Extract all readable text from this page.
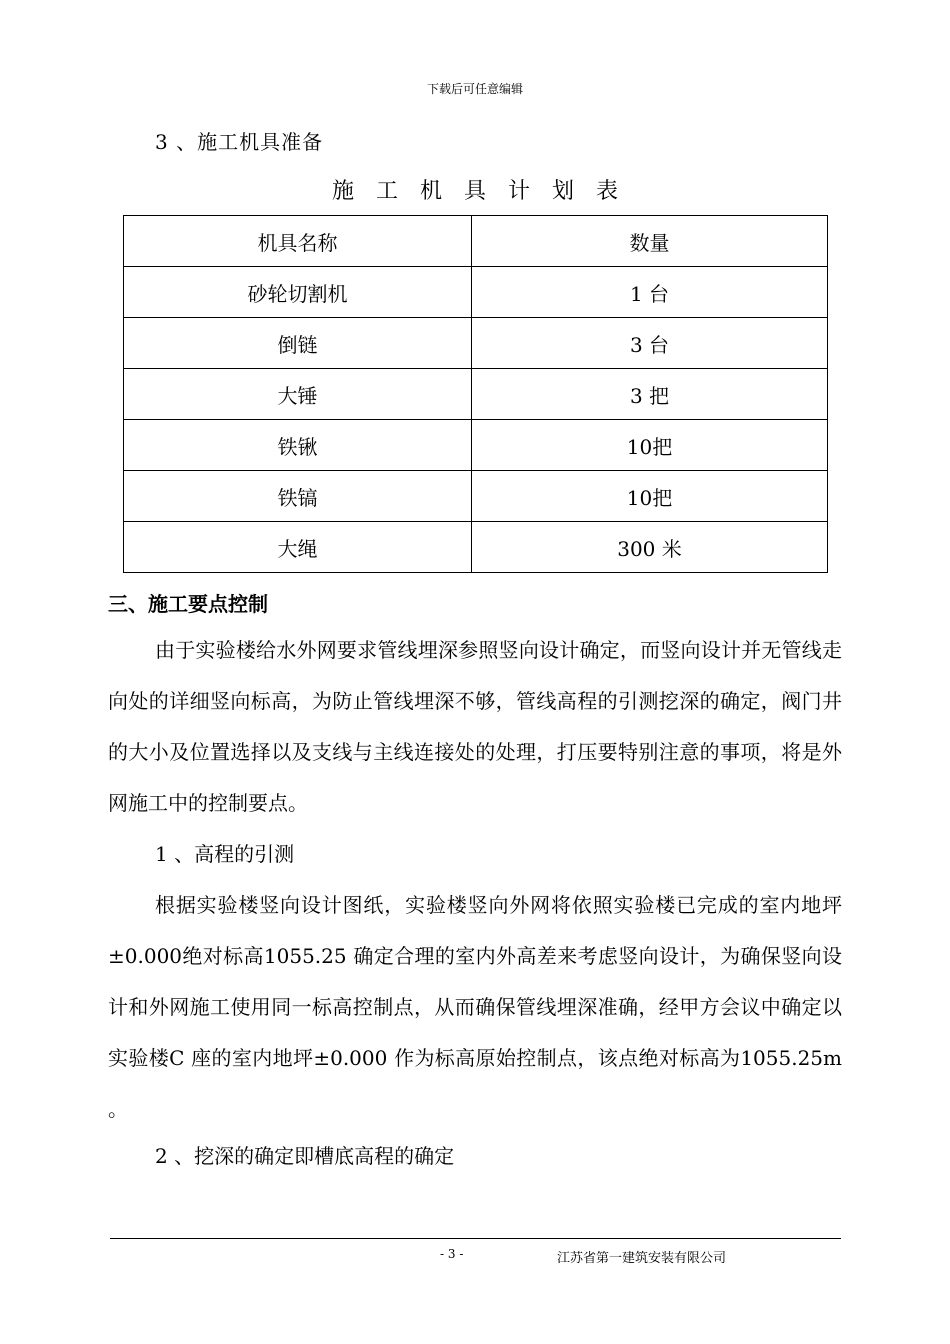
下载后可任意编辑
3 、施工机具准备
施工机具计划表
机具名称	数量
砂轮切割机	1 台
倒链	3 台
大锤	3 把
铁锹	10把
铁镐	10把
大绳	300 米
三、施工要点控制
由于实验楼给水外网要求管线埋深参照竖向设计确定，而竖向设计并无管线走向处的详细竖向标高，为防止管线埋深不够，管线高程的引测挖深的确定，阀门井的大小及位置选择以及支线与主线连接处的处理，打压要特别注意的事项，将是外网施工中的控制要点。
1 、高程的引测
根据实验楼竖向设计图纸，实验楼竖向外网将依照实验楼已完成的室内地坪±0.000绝对标高1055.25 确定合理的室内外高差来考虑竖向设计，为确保竖向设计和外网施工使用同一标高控制点，从而确保管线埋深准确，经甲方会议中确定以实验楼C 座的室内地坪±0.000 作为标高原始控制点，该点绝对标高为1055.25m 。
2 、挖深的确定即槽底高程的确定
- 3 -	江苏省第一建筑安装有限公司
